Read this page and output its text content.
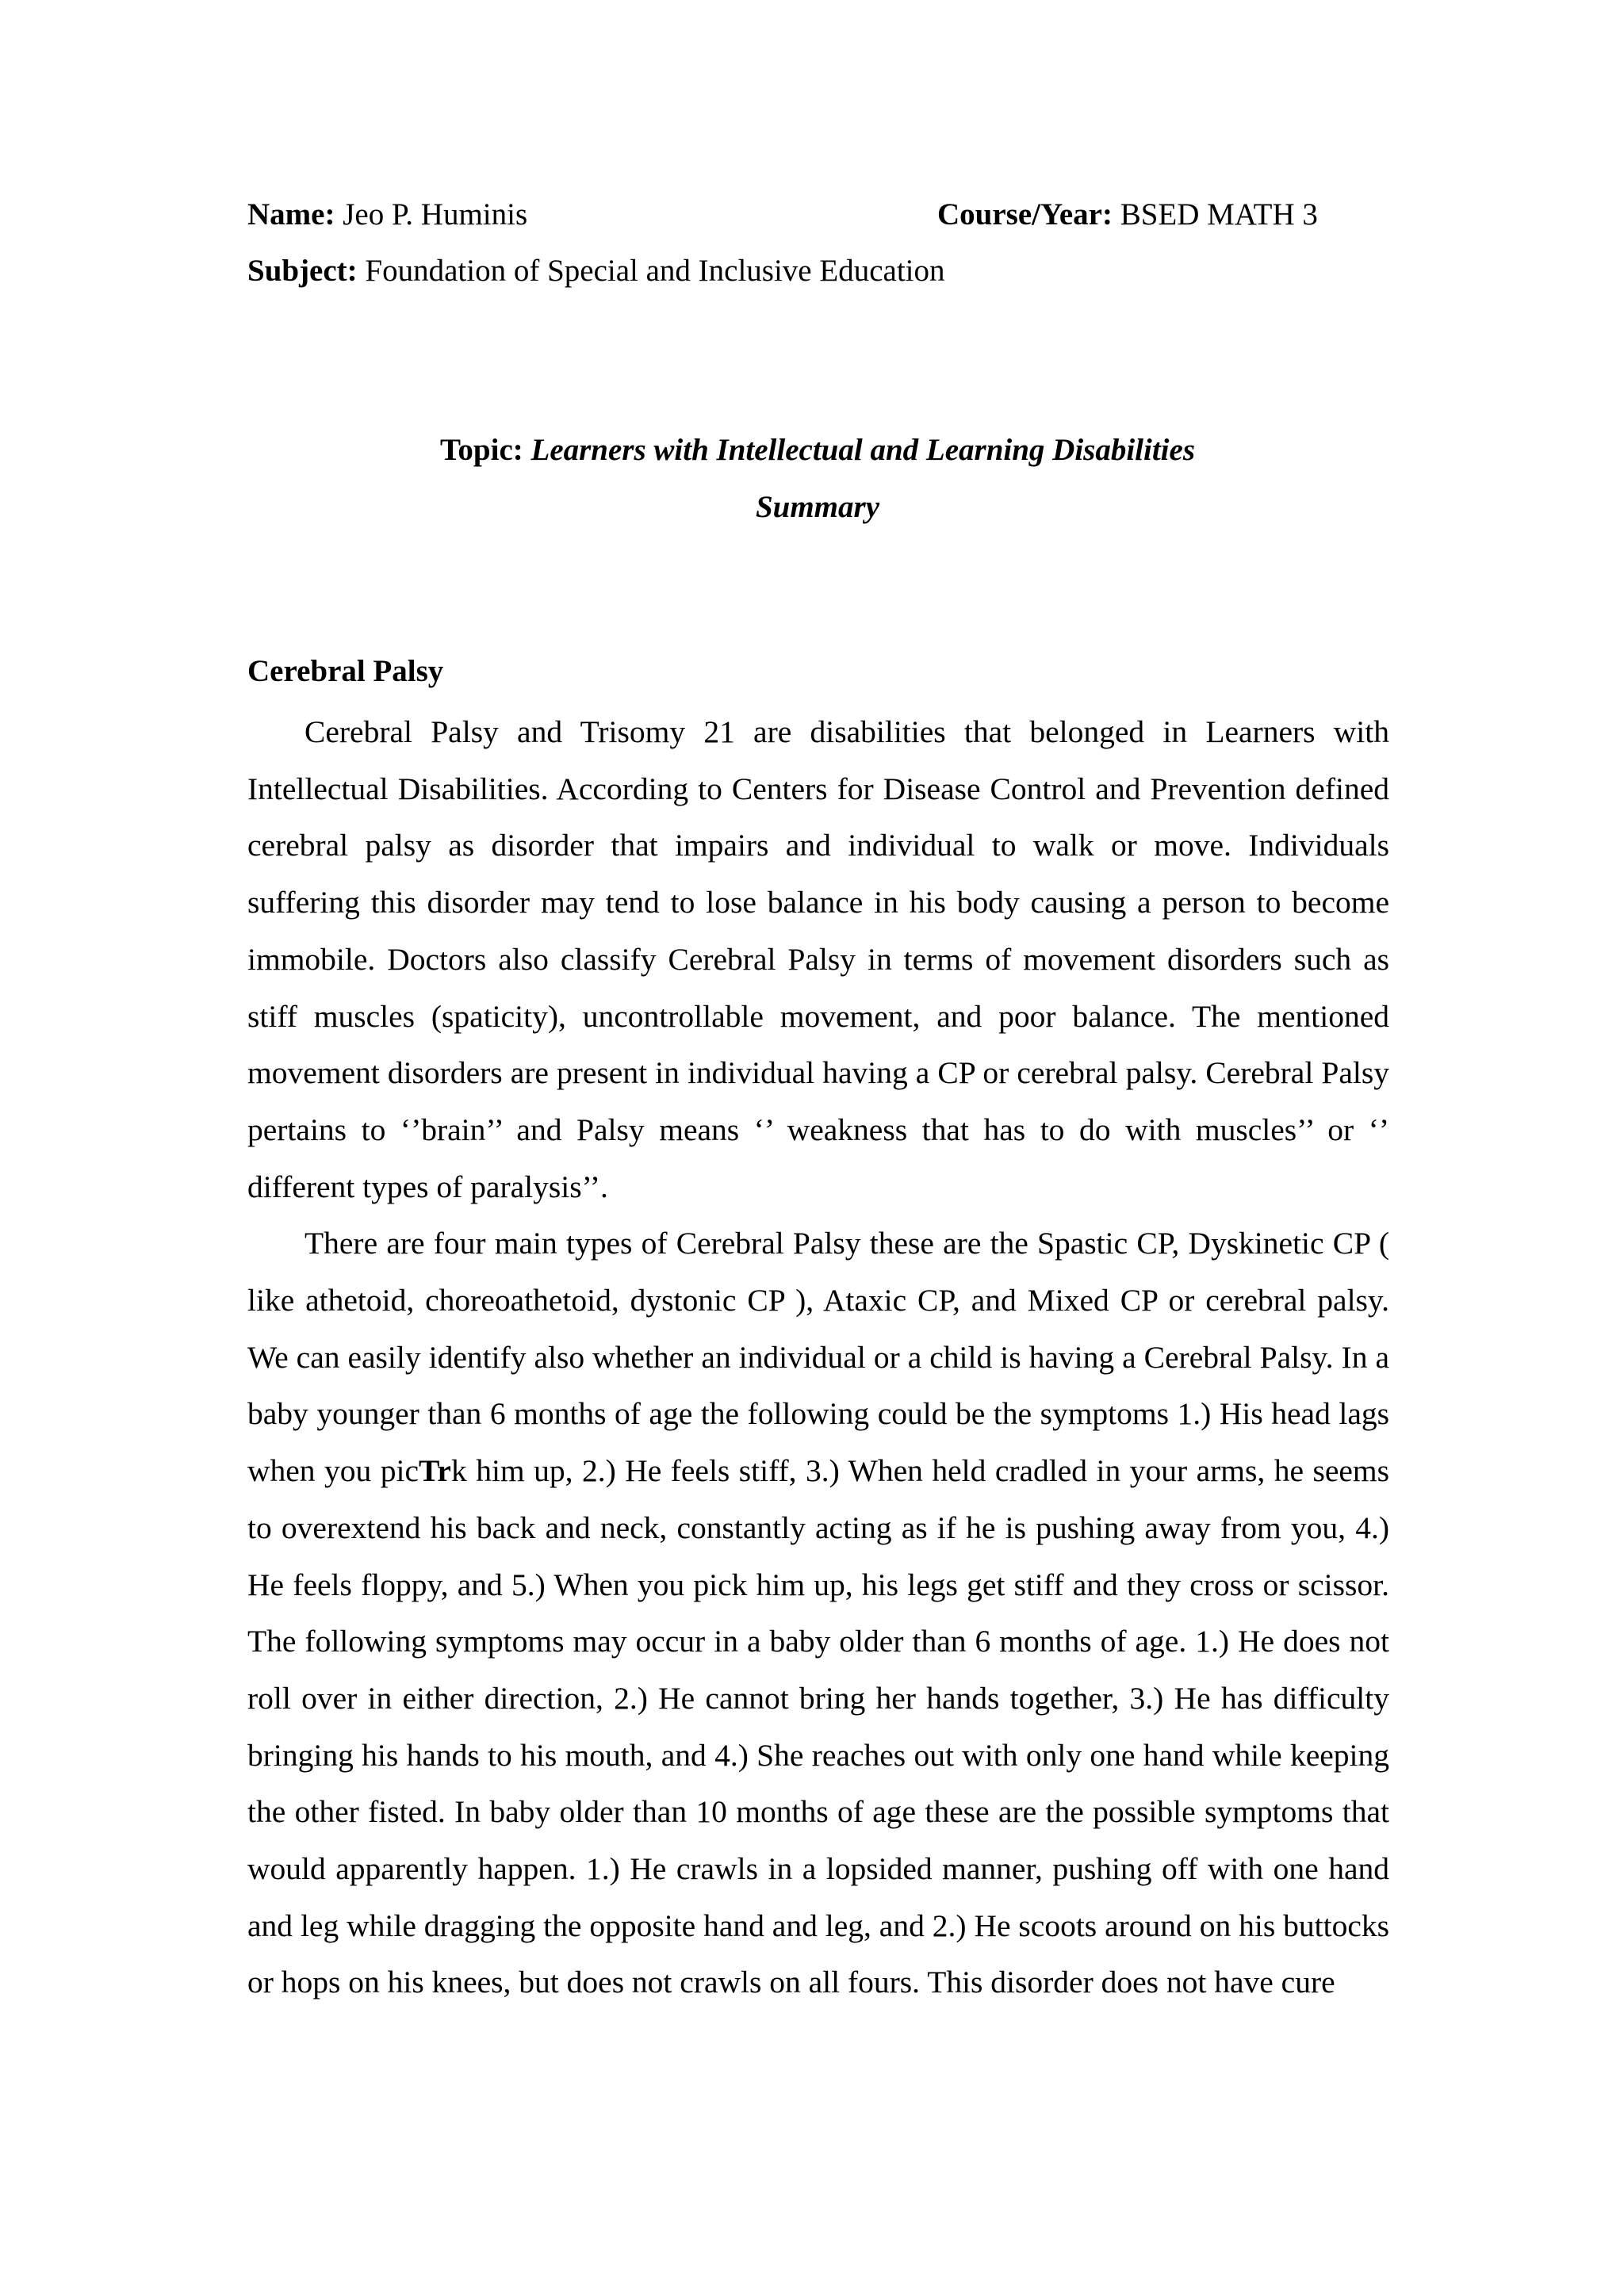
Name: Jeo P. Huminis	Course/Year: BSED MATH 3
Subject: Foundation of Special and Inclusive Education
Topic: Learners with Intellectual and Learning Disabilities
Summary
Cerebral Palsy

Cerebral Palsy and Trisomy 21 are disabilities that belonged in Learners with Intellectual Disabilities. According to Centers for Disease Control and Prevention defined cerebral palsy as disorder that impairs and individual to walk or move. Individuals suffering this disorder may tend to lose balance in his body causing a person to become immobile. Doctors also classify Cerebral Palsy in terms of movement disorders such as stiff muscles (spaticity), uncontrollable movement, and poor balance. The mentioned movement disorders are present in individual having a CP or cerebral palsy. Cerebral Palsy pertains to ‘’brain’’ and Palsy means ‘’ weakness that has to do with muscles’’ or ‘’ different types of paralysis’’.

There are four main types of Cerebral Palsy these are the Spastic CP, Dyskinetic CP ( like athetoid, choreoathetoid, dystonic CP ), Ataxic CP, and Mixed CP or cerebral palsy. We can easily identify also whether an individual or a child is having a Cerebral Palsy. In a baby younger than 6 months of age the following could be the symptoms 1.) His head lags when you picTrk him up, 2.) He feels stiff, 3.) When held cradled in your arms, he seems to overextend his back and neck, constantly acting as if he is pushing away from you, 4.) He feels floppy, and 5.) When you pick him up, his legs get stiff and they cross or scissor. The following symptoms may occur in a baby older than 6 months of age. 1.) He does not roll over in either direction, 2.) He cannot bring her hands together, 3.) He has difficulty bringing his hands to his mouth, and 4.) She reaches out with only one hand while keeping the other fisted. In baby older than 10 months of age these are the possible symptoms that would apparently happen. 1.) He crawls in a lopsided manner, pushing off with one hand and leg while dragging the opposite hand and leg, and 2.) He scoots around on his buttocks or hops on his knees, but does not crawls on all fours. This disorder does not have cure
